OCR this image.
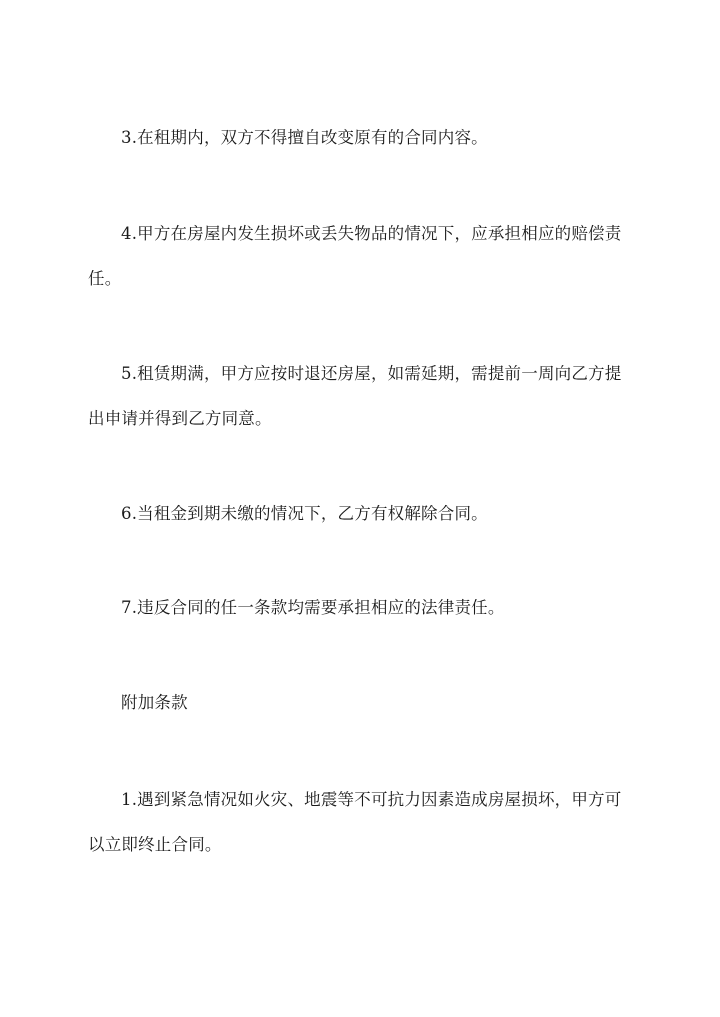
3.在租期内，双方不得擅自改变原有的合同内容。

4.甲方在房屋内发生损坏或丢失物品的情况下，应承担相应的赔偿责
任。

5.租赁期满，甲方应按时退还房屋，如需延期，需提前一周向乙方提
出申请并得到乙方同意。

6.当租金到期未缴的情况下，乙方有权解除合同。

7.违反合同的任一条款均需要承担相应的法律责任。

附加条款

1.遇到紧急情况如火灾、地震等不可抗力因素造成房屋损坏，甲方可
以立即终止合同。
